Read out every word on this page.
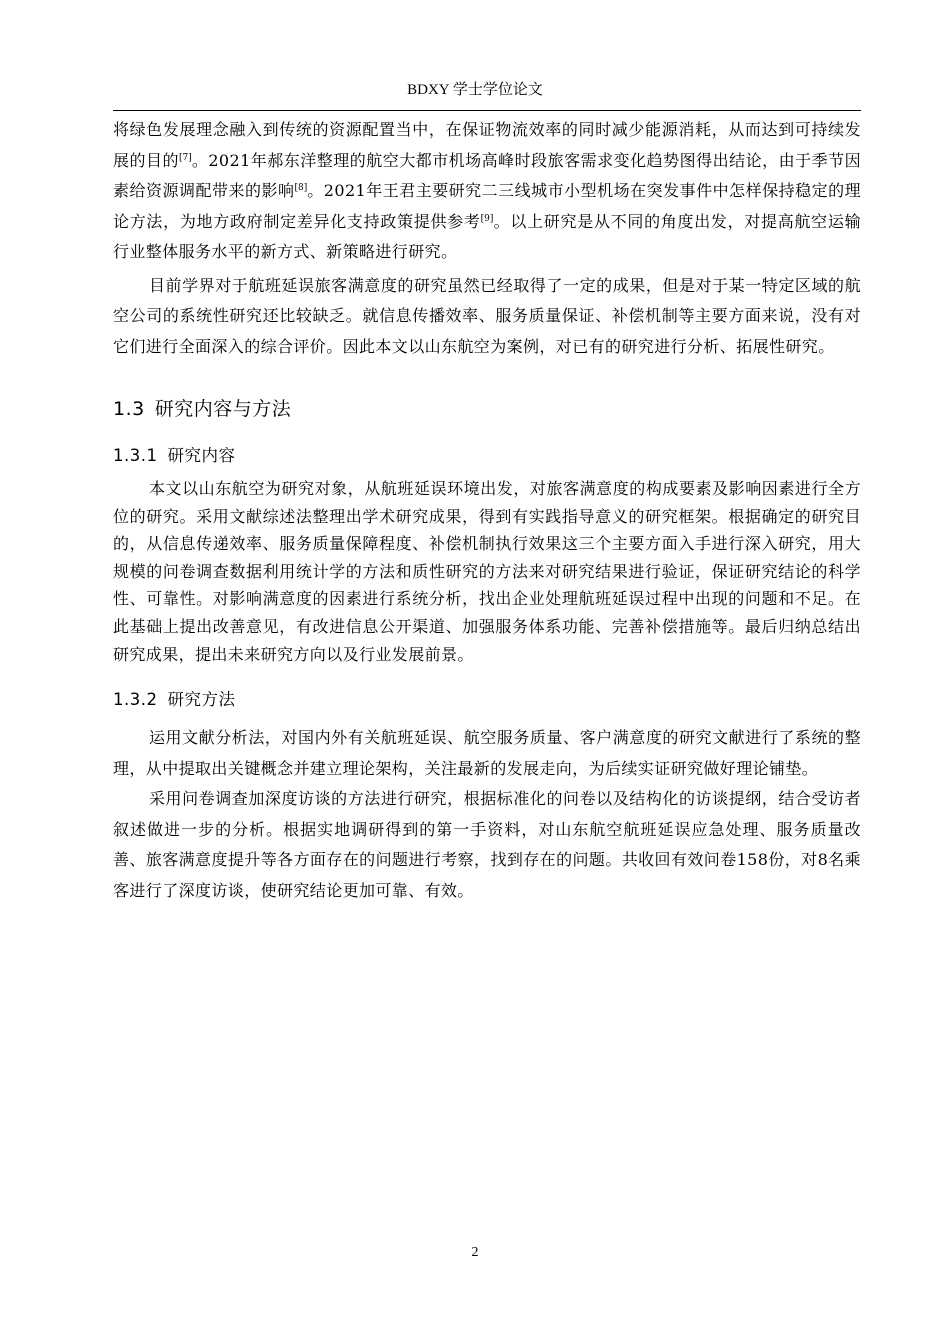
BDXY 学士学位论文

将绿色发展理念融入到传统的资源配置当中，在保证物流效率的同时减少能源消耗，从而达到可持续发展的目的[7]。2021年郝东洋整理的航空大都市机场高峰时段旅客需求变化趋势图得出结论，由于季节因素给资源调配带来的影响[8]。2021年王君主要研究二三线城市小型机场在突发事件中怎样保持稳定的理论方法，为地方政府制定差异化支持政策提供参考[9]。以上研究是从不同的角度出发，对提高航空运输行业整体服务水平的新方式、新策略进行研究。

目前学界对于航班延误旅客满意度的研究虽然已经取得了一定的成果，但是对于某一特定区域的航空公司的系统性研究还比较缺乏。就信息传播效率、服务质量保证、补偿机制等主要方面来说，没有对它们进行全面深入的综合评价。因此本文以山东航空为案例，对已有的研究进行分析、拓展性研究。

1.3 研究内容与方法
1.3.1 研究内容

本文以山东航空为研究对象，从航班延误环境出发，对旅客满意度的构成要素及影响因素进行全方位的研究。采用文献综述法整理出学术研究成果，得到有实践指导意义的研究框架。根据确定的研究目的，从信息传递效率、服务质量保障程度、补偿机制执行效果这三个主要方面入手进行深入研究，用大规模的问卷调查数据利用统计学的方法和质性研究的方法来对研究结果进行验证，保证研究结论的科学性、可靠性。对影响满意度的因素进行系统分析，找出企业处理航班延误过程中出现的问题和不足。在此基础上提出改善意见，有改进信息公开渠道、加强服务体系功能、完善补偿措施等。最后归纳总结出研究成果，提出未来研究方向以及行业发展前景。

1.3.2 研究方法

运用文献分析法，对国内外有关航班延误、航空服务质量、客户满意度的研究文献进行了系统的整理，从中提取出关键概念并建立理论架构，关注最新的发展走向，为后续实证研究做好理论铺垫。

采用问卷调查加深度访谈的方法进行研究，根据标准化的问卷以及结构化的访谈提纲，结合受访者叙述做进一步的分析。根据实地调研得到的第一手资料，对山东航空航班延误应急处理、服务质量改善、旅客满意度提升等各方面存在的问题进行考察，找到存在的问题。共收回有效问卷158份，对8名乘客进行了深度访谈，使研究结论更加可靠、有效。

2
